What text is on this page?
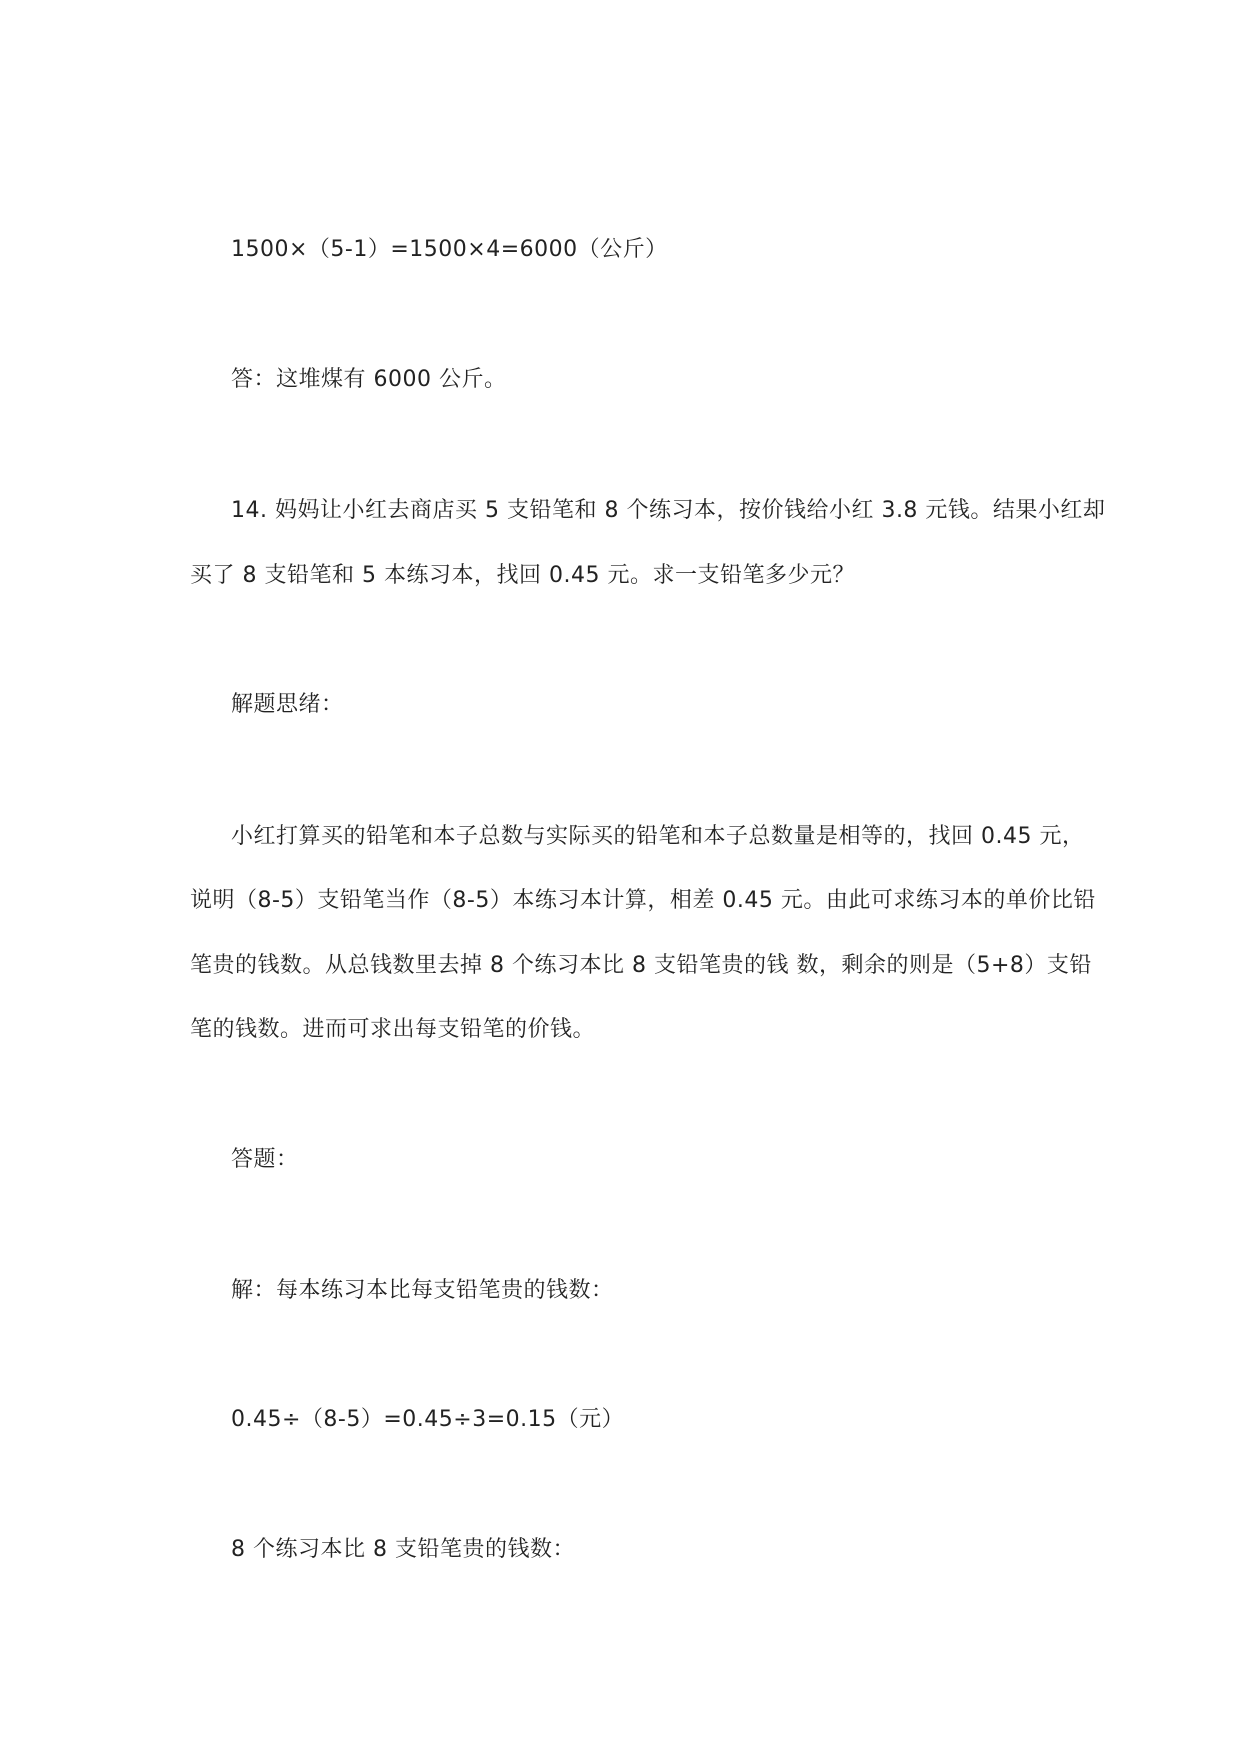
1500×（5-1）=1500×4=6000（公斤）
答：这堆煤有 6000 公斤。
14. 妈妈让小红去商店买 5 支铅笔和 8 个练习本，按价钱给小红 3.8 元钱。结果小红却
买了 8 支铅笔和 5 本练习本，找回 0.45 元。求一支铅笔多少元？
解题思绪：
小红打算买的铅笔和本子总数与实际买的铅笔和本子总数量是相等的，找回 0.45 元，
说明（8-5）支铅笔当作（8-5）本练习本计算，相差 0.45 元。由此可求练习本的单价比铅
笔贵的钱数。从总钱数里去掉 8 个练习本比 8 支铅笔贵的钱 数，剩余的则是（5+8）支铅
笔的钱数。进而可求出每支铅笔的价钱。
答题：
解：每本练习本比每支铅笔贵的钱数：
0.45÷（8-5）=0.45÷3=0.15（元）
8 个练习本比 8 支铅笔贵的钱数：
